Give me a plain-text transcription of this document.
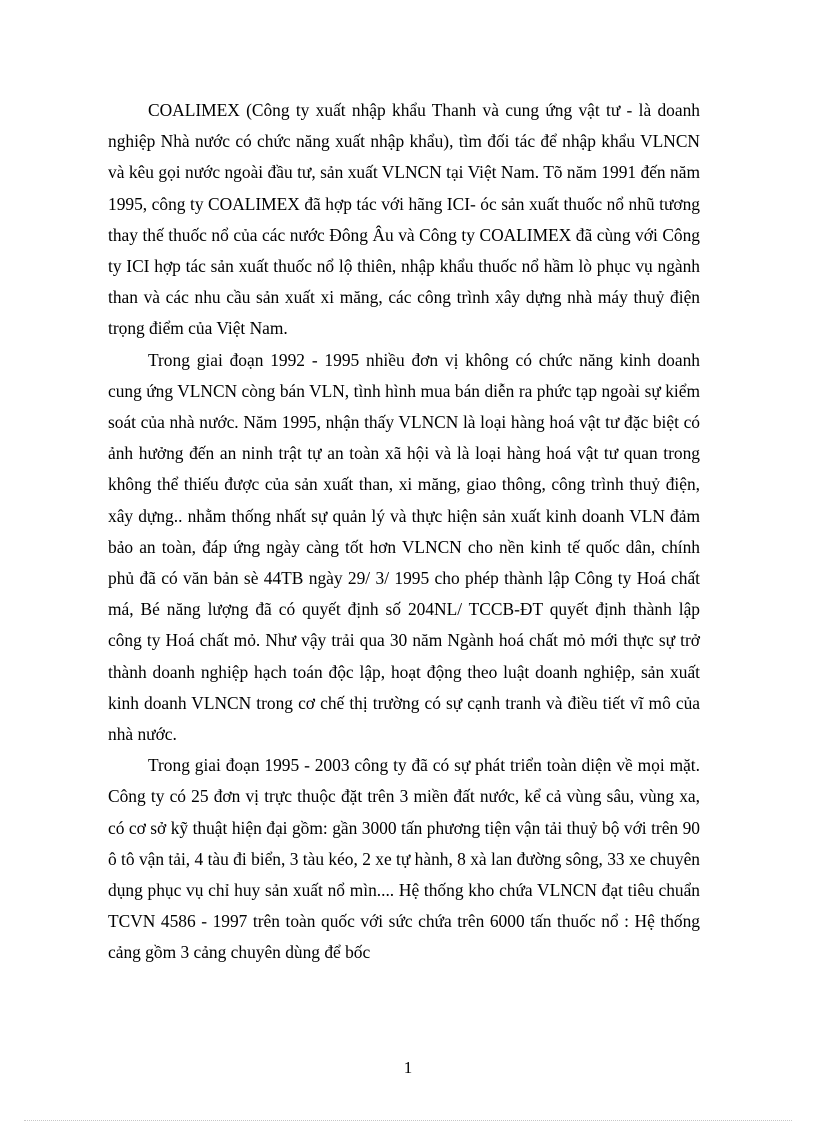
COALIMEX (Công ty xuất nhập khẩu Thanh và cung ứng vật tư - là doanh nghiệp Nhà nước có chức năng xuất nhập khẩu), tìm đối tác để nhập khẩu VLNCN và kêu gọi nước ngoài đầu tư, sản xuất VLNCN tại Việt Nam. Tõ năm 1991 đến năm 1995, công ty COALIMEX đã hợp tác với hãng ICI- óc sản xuất thuốc nổ nhũ tương thay thế thuốc nổ của các nước Đông Âu và Công ty COALIMEX đã cùng với Công ty ICI hợp tác sản xuất thuốc nổ lộ thiên, nhập khẩu thuốc nổ hầm lò phục vụ ngành than và các nhu cầu sản xuất xi măng, các công trình xây dựng nhà máy thuỷ điện trọng điểm của Việt Nam.

Trong giai đoạn 1992 - 1995 nhiều đơn vị không có chức năng kinh doanh cung ứng VLNCN còng bán VLN, tình hình mua bán diễn ra phức tạp ngoài sự kiểm soát của nhà nước. Năm 1995, nhận thấy VLNCN là loại hàng hoá vật tư đặc biệt có ảnh hưởng đến an ninh trật tự an toàn xã hội và là loại hàng hoá vật tư quan trong không thể thiếu được của sản xuất than, xi măng, giao thông, công trình thuỷ điện, xây dựng.. nhằm thống nhất sự quản lý và thực hiện sản xuất kinh doanh VLN đảm bảo an toàn, đáp ứng ngày càng tốt hơn VLNCN cho nền kinh tế quốc dân, chính phủ đã có văn bản sè 44TB ngày 29/ 3/ 1995 cho phép thành lập Công ty Hoá chất má, Bé năng lượng đã có quyết định số 204NL/ TCCB-ĐT quyết định thành lập công ty Hoá chất mỏ. Như vậy trải qua 30 năm Ngành hoá chất mỏ mới thực sự trở thành doanh nghiệp hạch toán độc lập, hoạt động theo luật doanh nghiệp, sản xuất kinh doanh VLNCN trong cơ chế thị trường có sự cạnh tranh và điều tiết vĩ mô của nhà nước.

Trong giai đoạn 1995 - 2003 công ty đã có sự phát triển toàn diện về mọi mặt. Công ty có 25 đơn vị trực thuộc đặt trên 3 miền đất nước, kể cả vùng sâu, vùng xa, có cơ sở kỹ thuật hiện đại gồm: gần 3000 tấn phương tiện vận tải thuỷ bộ với trên 90 ô tô vận tải, 4 tàu đi biển, 3 tàu kéo, 2 xe tự hành, 8 xà lan đường sông, 33 xe chuyên dụng phục vụ chỉ huy sản xuất nổ mìn.... Hệ thống kho chứa VLNCN đạt tiêu chuẩn TCVN 4586 - 1997 trên toàn quốc với sức chứa trên 6000 tấn thuốc nổ : Hệ thống cảng gồm 3 cảng chuyên dùng để bốc

1
